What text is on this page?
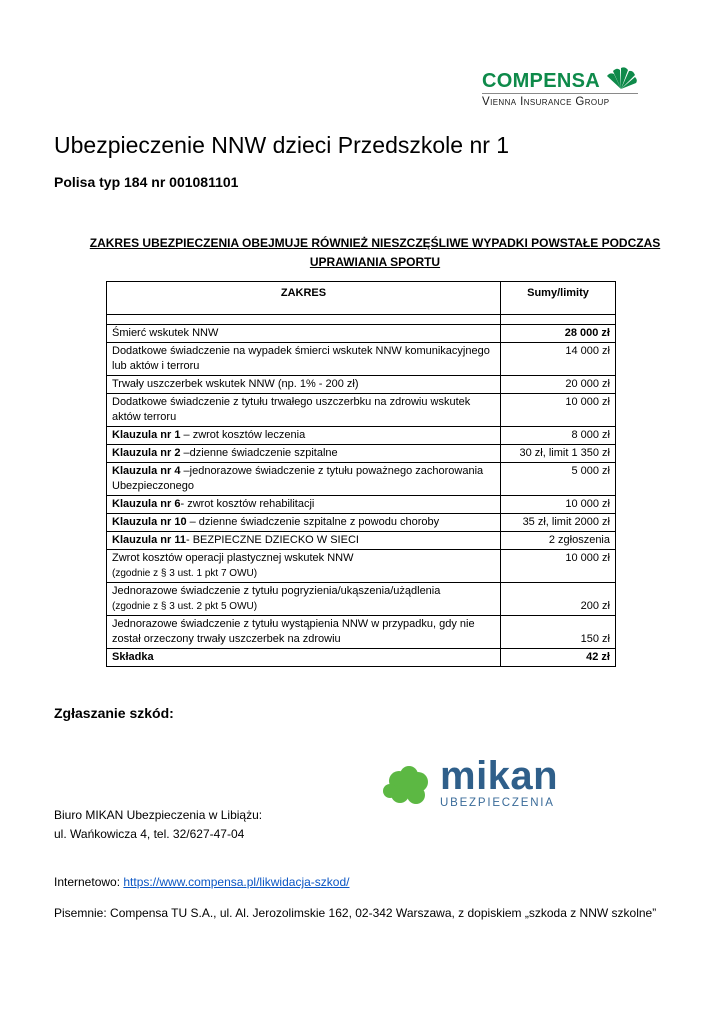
COMPENSA
Vienna Insurance Group
Ubezpieczenie NNW dzieci Przedszkole nr 1
Polisa typ 184 nr 001081101
ZAKRES UBEZPIECZENIA OBEJMUJE RÓWNIEŻ NIESZCZĘŚLIWE WYPADKI POWSTAŁE PODCZAS
UPRAWIANIA SPORTU
ZAKRES	Sumy/limity

Śmierć wskutek NNW	28 000 zł
Dodatkowe świadczenie na wypadek śmierci wskutek NNW komunikacyjnego lub aktów i terroru	14 000 zł
Trwały uszczerbek wskutek NNW (np. 1% - 200 zł)	20 000 zł
Dodatkowe świadczenie z tytułu trwałego uszczerbku na zdrowiu wskutek aktów terroru	10 000 zł
Klauzula nr 1 – zwrot kosztów leczenia	8 000 zł
Klauzula nr 2 –dzienne świadczenie szpitalne	30 zł, limit 1 350 zł
Klauzula nr 4 –jednorazowe świadczenie z tytułu poważnego zachorowania Ubezpieczonego	5 000 zł
Klauzula nr 6- zwrot kosztów rehabilitacji	10 000 zł
Klauzula nr 10 – dzienne świadczenie szpitalne z powodu choroby	35 zł, limit 2000 zł
Klauzula nr 11- BEZPIECZNE DZIECKO W SIECI	2 zgłoszenia

Zwrot kosztów operacji plastycznej wskutek NNW
(zgodnie z § 3 ust. 1 pkt 7 OWU)	10 000 zł

Jednorazowe świadczenie z tytułu pogryzienia/ukąszenia/użądlenia
(zgodnie z § 3 ust. 2 pkt 5 OWU)	200 zł
Jednorazowe świadczenie z tytułu wystąpienia NNW w przypadku, gdy nie został orzeczony trwały uszczerbek na zdrowiu	150 zł
Składka	42 zł
Zgłaszanie szkód:
mikan
UBEZPIECZENIA
Biuro MIKAN Ubezpieczenia w Libiążu:
ul. Wańkowicza 4, tel. 32/627-47-04
Internetowo: https://www.compensa.pl/likwidacja-szkod/
Pisemnie: Compensa TU S.A., ul. Al. Jerozolimskie 162, 02-342 Warszawa, z dopiskiem „szkoda z NNW szkolne”
